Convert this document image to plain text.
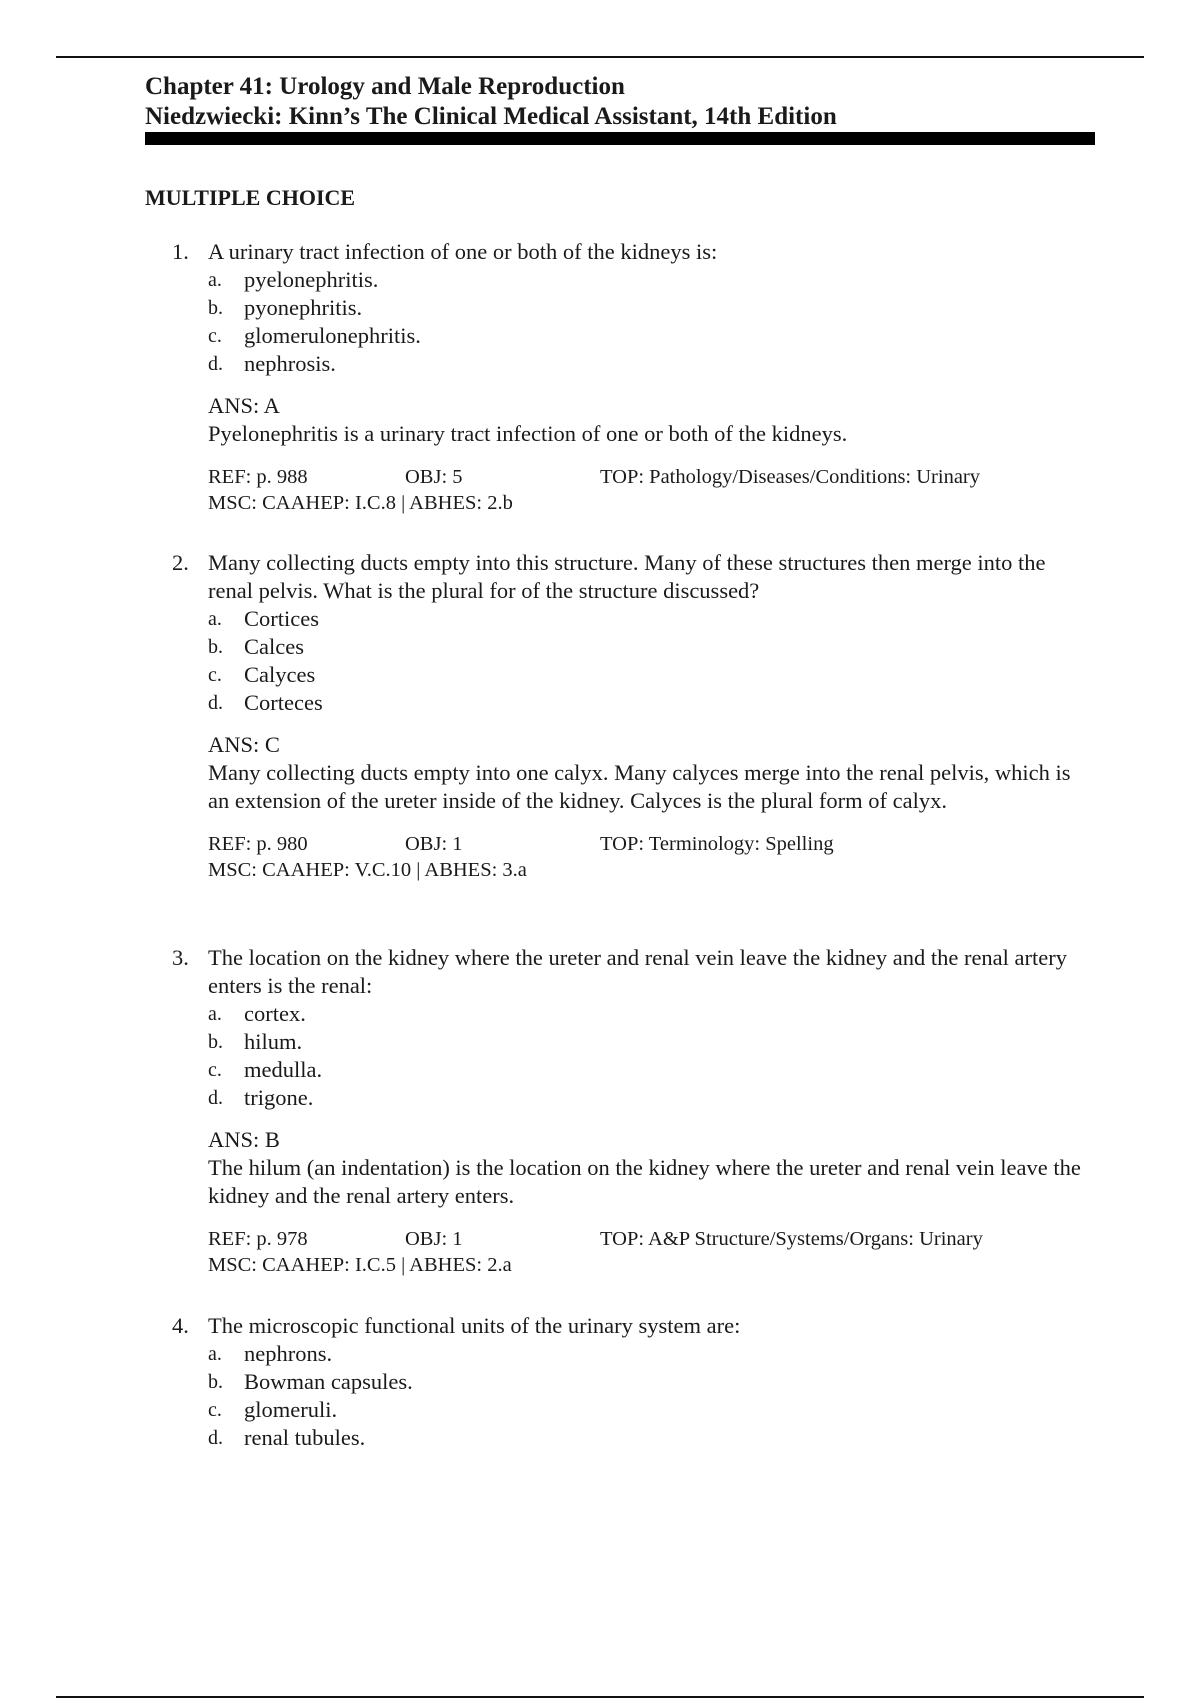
Chapter 41: Urology and Male Reproduction
Niedzwiecki: Kinn’s The Clinical Medical Assistant, 14th Edition
MULTIPLE CHOICE
1. A urinary tract infection of one or both of the kidneys is:
a. pyelonephritis.
b. pyonephritis.
c. glomerulonephritis.
d. nephrosis.
ANS: A
Pyelonephritis is a urinary tract infection of one or both of the kidneys.
REF: p. 988	OBJ: 5	TOP: Pathology/Diseases/Conditions: Urinary
MSC: CAAHEP: I.C.8 | ABHES: 2.b
2. Many collecting ducts empty into this structure. Many of these structures then merge into the renal pelvis. What is the plural for of the structure discussed?
a. Cortices
b. Calces
c. Calyces
d. Corteces
ANS: C
Many collecting ducts empty into one calyx. Many calyces merge into the renal pelvis, which is an extension of the ureter inside of the kidney. Calyces is the plural form of calyx.
REF: p. 980	OBJ: 1	TOP: Terminology: Spelling
MSC: CAAHEP: V.C.10 | ABHES: 3.a
3. The location on the kidney where the ureter and renal vein leave the kidney and the renal artery enters is the renal:
a. cortex.
b. hilum.
c. medulla.
d. trigone.
ANS: B
The hilum (an indentation) is the location on the kidney where the ureter and renal vein leave the kidney and the renal artery enters.
REF: p. 978	OBJ: 1	TOP: A&P Structure/Systems/Organs: Urinary
MSC: CAAHEP: I.C.5 | ABHES: 2.a
4. The microscopic functional units of the urinary system are:
a. nephrons.
b. Bowman capsules.
c. glomeruli.
d. renal tubules.
